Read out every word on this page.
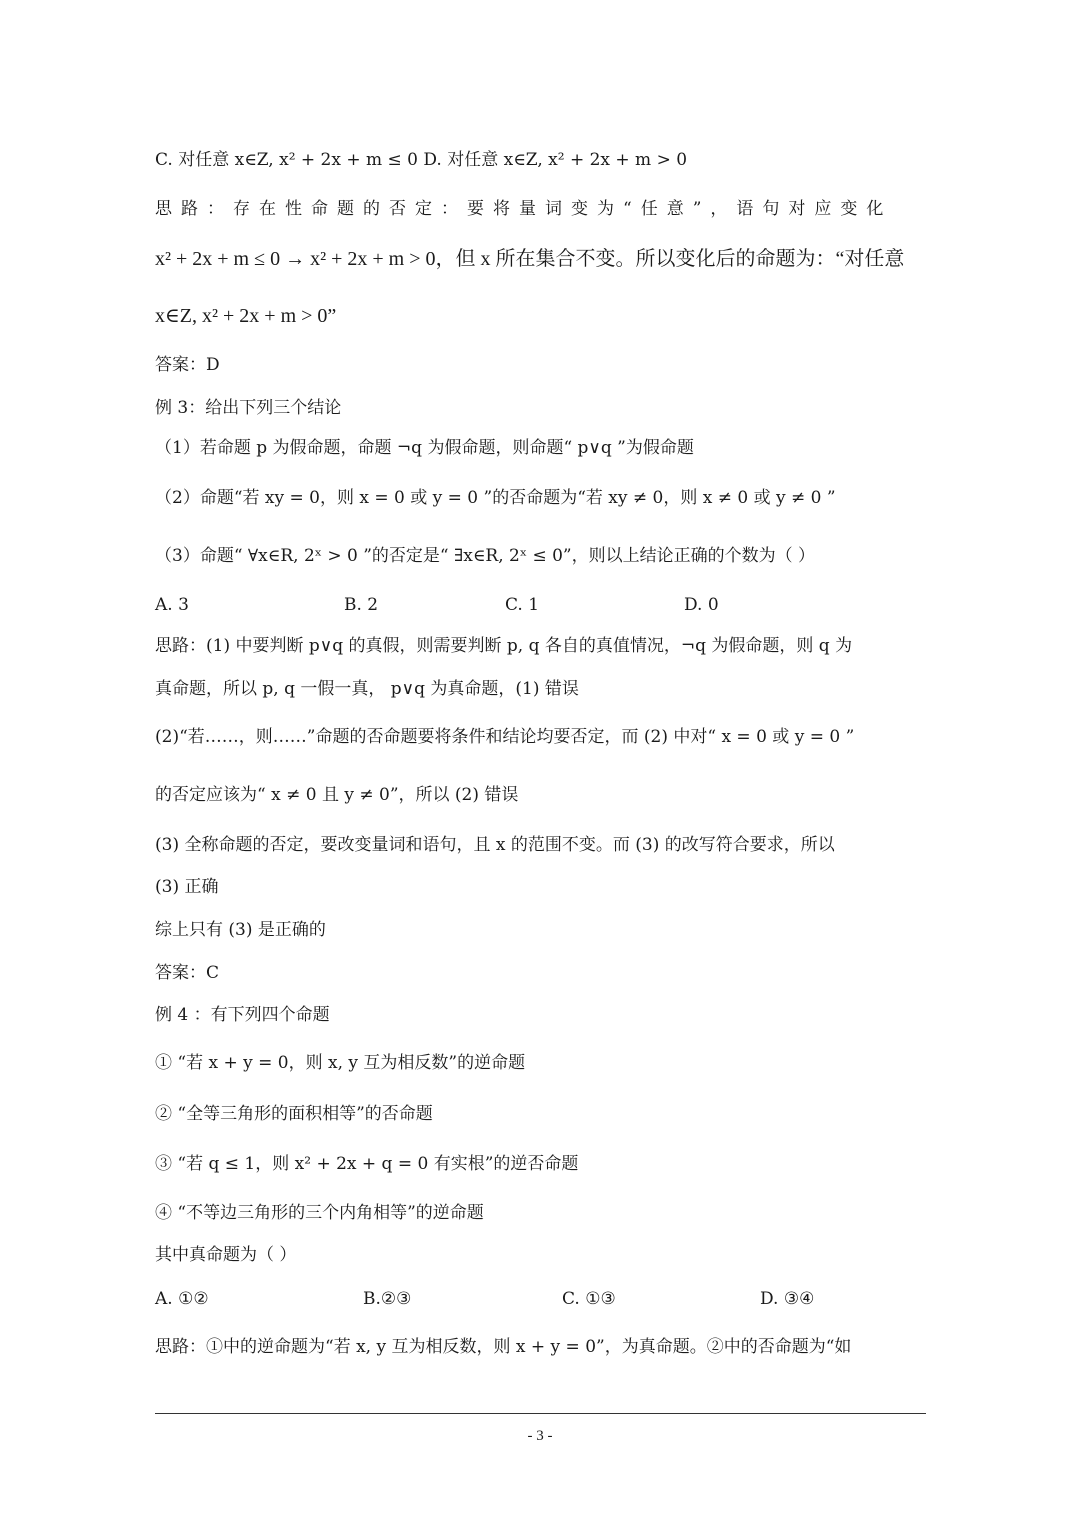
C. 对任意 x∈Z, x² + 2x + m ≤ 0 D. 对任意 x∈Z, x² + 2x + m > 0
思路：存在性命题的否定：要将量词变为“任意”，语句对应变化
x² + 2x + m ≤ 0 → x² + 2x + m > 0，但 x 所在集合不变。所以变化后的命题为：“对任意
x∈Z, x² + 2x + m > 0”
答案：D
例 3：给出下列三个结论
（1）若命题 p 为假命题，命题 ¬q 为假命题，则命题“ p∨q ”为假命题
（2）命题“若 xy = 0，则 x = 0 或 y = 0 ”的否命题为“若 xy ≠ 0，则 x ≠ 0 或 y ≠ 0 ”
（3）命题“ ∀x∈R, 2ˣ > 0 ”的否定是“ ∃x∈R, 2ˣ ≤ 0”，则以上结论正确的个数为（ ）
A. 3	B. 2	C. 1	D. 0
思路：(1) 中要判断 p∨q 的真假，则需要判断 p, q 各自的真值情况，¬q 为假命题，则 q 为
真命题，所以 p, q 一假一真， p∨q 为真命题，(1) 错误
(2)“若……，则……”命题的否命题要将条件和结论均要否定，而 (2) 中对“ x = 0 或 y = 0 ”
的否定应该为“ x ≠ 0 且 y ≠ 0”，所以 (2) 错误
(3) 全称命题的否定，要改变量词和语句，且 x 的范围不变。而 (3) 的改写符合要求，所以
(3) 正确
综上只有 (3) 是正确的
答案：C
例 4 ：有下列四个命题
① “若 x + y = 0，则 x, y 互为相反数”的逆命题
② “全等三角形的面积相等”的否命题
③ “若 q ≤ 1，则 x² + 2x + q = 0 有实根”的逆否命题
④ “不等边三角形的三个内角相等”的逆命题
其中真命题为（ ）
A. ①②	B.②③	C. ①③	D. ③④
思路：①中的逆命题为“若 x, y 互为相反数，则 x + y = 0”，为真命题。②中的否命题为“如
- 3 -
